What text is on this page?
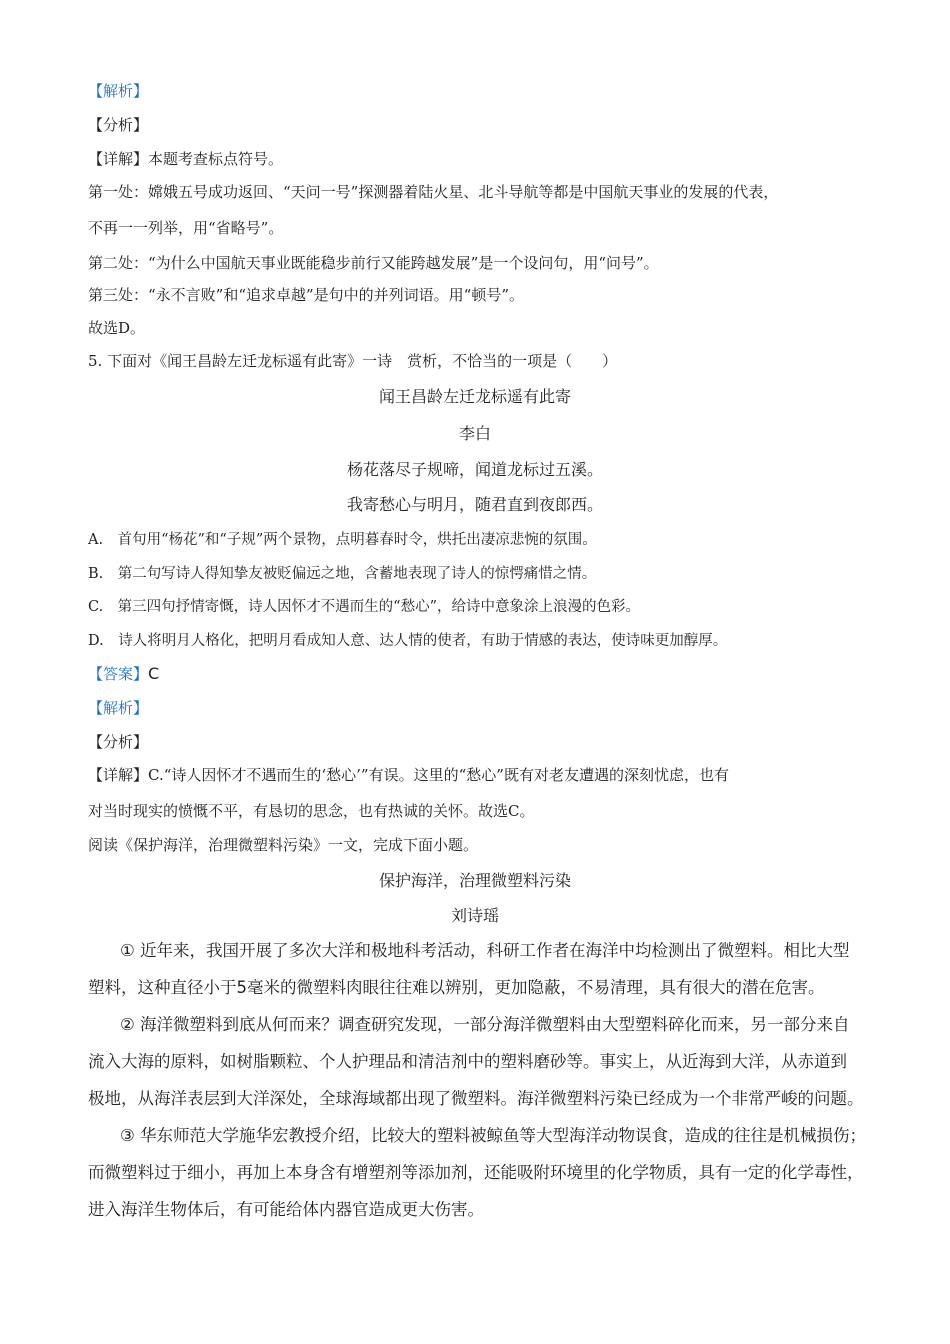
【解析】
【分析】
【详解】本题考查标点符号。
第一处：嫦娥五号成功返回、“天问一号”探测器着陆火星、北斗导航等都是中国航天事业的发展的代表，
不再一一列举，用“省略号”。
第二处：“为什么中国航天事业既能稳步前行又能跨越发展”是一个设问句，用“问号”。
第三处：“永不言败”和“追求卓越”是句中的并列词语。用“顿号”。
故选D。
5. 下面对《闻王昌龄左迁龙标遥有此寄》一诗　赏析，不恰当的一项是（　　）
闻王昌龄左迁龙标遥有此寄
李白
杨花落尽子规啼，闻道龙标过五溪。
我寄愁心与明月，随君直到夜郎西。
A.　首句用“杨花”和“子规”两个景物，点明暮春时令，烘托出凄凉悲惋的氛围。
B.　第二句写诗人得知挚友被贬偏远之地，含蓄地表现了诗人的惊愕痛惜之情。
C.　第三四句抒情寄慨，诗人因怀才不遇而生的“愁心”，给诗中意象涂上浪漫的色彩。
D.　诗人将明月人格化，把明月看成知人意、达人情的使者，有助于情感的表达，使诗味更加醇厚。
【答案】C
【解析】
【分析】
【详解】C.“诗人因怀才不遇而生的‘愁心’”有误。这里的“愁心”既有对老友遭遇的深刻忧虑，也有
对当时现实的愤慨不平，有恳切的思念，也有热诚的关怀。故选C。
阅读《保护海洋，治理微塑料污染》一文，完成下面小题。
保护海洋，治理微塑料污染
刘诗瑶
① 近年来，我国开展了多次大洋和极地科考活动，科研工作者在海洋中均检测出了微塑料。相比大型
塑料，这种直径小于5毫米的微塑料肉眼往往难以辨别，更加隐蔽，不易清理，具有很大的潜在危害。
② 海洋微塑料到底从何而来？调查研究发现，一部分海洋微塑料由大型塑料碎化而来，另一部分来自
流入大海的原料，如树脂颗粒、个人护理品和清洁剂中的塑料磨砂等。事实上，从近海到大洋，从赤道到
极地，从海洋表层到大洋深处，全球海域都出现了微塑料。海洋微塑料污染已经成为一个非常严峻的问题。
③ 华东师范大学施华宏教授介绍，比较大的塑料被鲸鱼等大型海洋动物误食，造成的往往是机械损伤；
而微塑料过于细小，再加上本身含有增塑剂等添加剂，还能吸附环境里的化学物质，具有一定的化学毒性，
进入海洋生物体后，有可能给体内器官造成更大伤害。
